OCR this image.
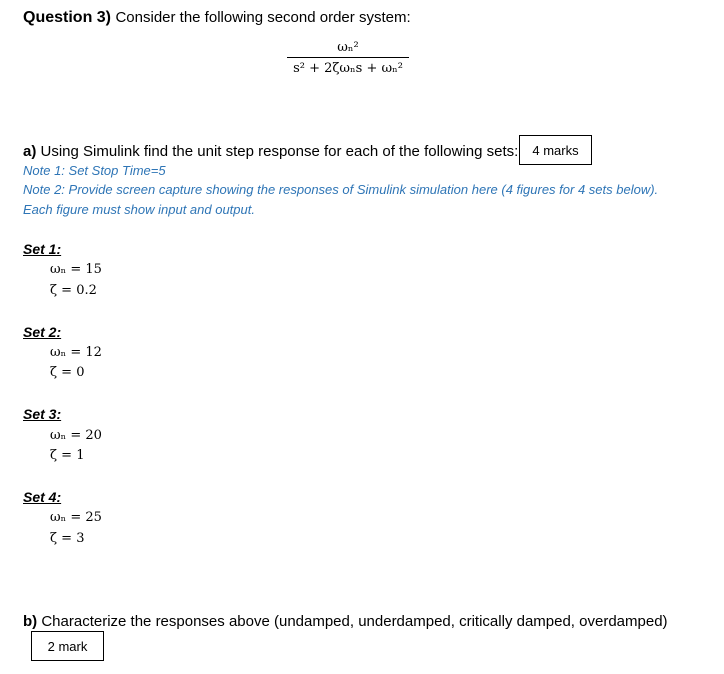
Question 3) Consider the following second order system:
ωₙ²
s² + 2ζωₙs + ωₙ²
a) Using Simulink find the unit step response for each of the following sets:	4 marks
Note 1: Set Stop Time=5
Note 2: Provide screen capture showing the responses of Simulink simulation here (4 figures for 4 sets below).
Each figure must show input and output.
Set 1:
ωₙ = 15
ζ = 0.2
Set 2:
ωₙ = 12
ζ = 0
Set 3:
ωₙ = 20
ζ = 1
Set 4:
ωₙ = 25
ζ = 3
b) Characterize the responses above (undamped, underdamped, critically damped, overdamped)
2 mark
